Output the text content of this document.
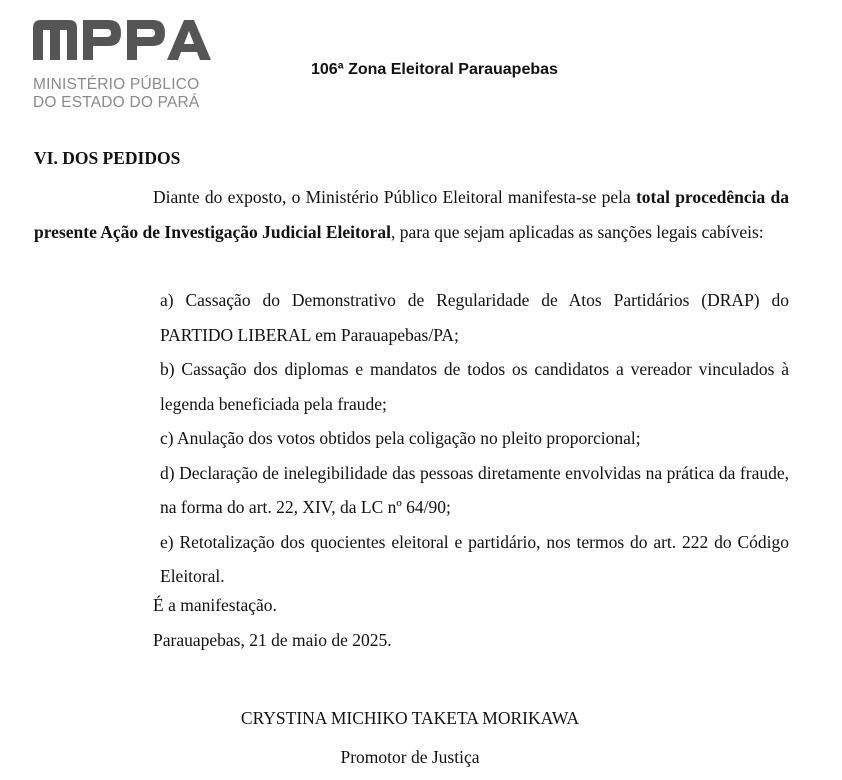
MINISTÉRIO PÚBLICO
DO ESTADO DO PARÁ
106ª Zona Eleitoral Parauapebas
VI. DOS PEDIDOS

Diante do exposto, o Ministério Público Eleitoral manifesta-se pela total procedência da presente Ação de Investigação Judicial Eleitoral, para que sejam aplicadas as sanções legais cabíveis:

a) Cassação do Demonstrativo de Regularidade de Atos Partidários (DRAP) do PARTIDO LIBERAL em Parauapebas/PA;
b) Cassação dos diplomas e mandatos de todos os candidatos a vereador vinculados à legenda beneficiada pela fraude;
c) Anulação dos votos obtidos pela coligação no pleito proporcional;
d) Declaração de inelegibilidade das pessoas diretamente envolvidas na prática da fraude, na forma do art. 22, XIV, da LC nº 64/90;
e) Retotalização dos quocientes eleitoral e partidário, nos termos do art. 222 do Código Eleitoral.
É a manifestação.
Parauapebas, 21 de maio de 2025.
CRYSTINA MICHIKO TAKETA MORIKAWA
Promotor de Justiça
